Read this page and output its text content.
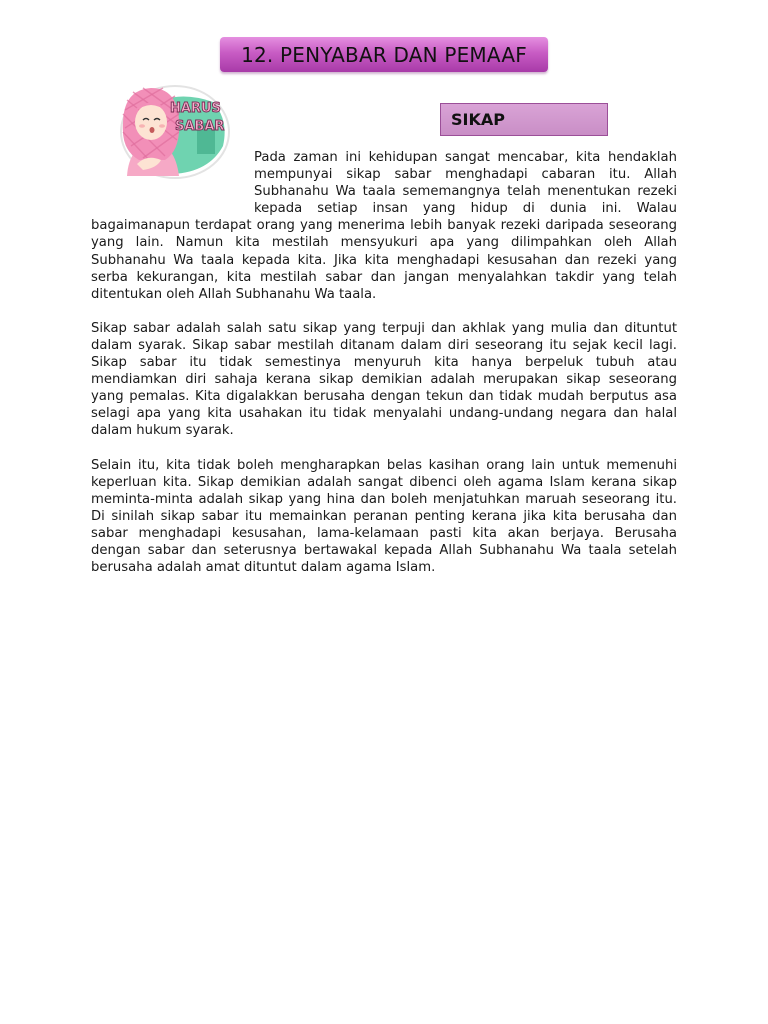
12. PENYABAR DAN PEMAAF
HARUS
SABAR	SIKAP

Pada zaman ini kehidupan sangat mencabar, kita hendaklah mempunyai sikap sabar menghadapi cabaran itu. Allah Subhanahu Wa taala sememangnya telah menentukan rezeki kepada setiap insan yang hidup di dunia ini. Walau bagaimanapun terdapat orang yang menerima lebih banyak rezeki daripada seseorang yang lain. Namun kita mestilah mensyukuri apa yang dilimpahkan oleh Allah Subhanahu Wa taala kepada kita. Jika kita menghadapi kesusahan dan rezeki yang serba kekurangan, kita mestilah sabar dan jangan menyalahkan takdir yang telah ditentukan oleh Allah Subhanahu Wa taala.

Sikap sabar adalah salah satu sikap yang terpuji dan akhlak yang mulia dan dituntut dalam syarak. Sikap sabar mestilah ditanam dalam diri seseorang itu sejak kecil lagi. Sikap sabar itu tidak semestinya menyuruh kita hanya berpeluk tubuh atau mendiamkan diri sahaja kerana sikap demikian adalah merupakan sikap seseorang yang pemalas. Kita digalakkan berusaha dengan tekun dan tidak mudah berputus asa selagi apa yang kita usahakan itu tidak menyalahi undang-undang negara dan halal dalam hukum syarak.

Selain itu, kita tidak boleh mengharapkan belas kasihan orang lain untuk memenuhi keperluan kita. Sikap demikian adalah sangat dibenci oleh agama Islam kerana sikap meminta-minta adalah sikap yang hina dan boleh menjatuhkan maruah seseorang itu. Di sinilah sikap sabar itu memainkan peranan penting kerana jika kita berusaha dan sabar menghadapi kesusahan, lama-kelamaan pasti kita akan berjaya. Berusaha dengan sabar dan seterusnya bertawakal kepada Allah Subhanahu Wa taala setelah berusaha adalah amat dituntut dalam agama Islam.
